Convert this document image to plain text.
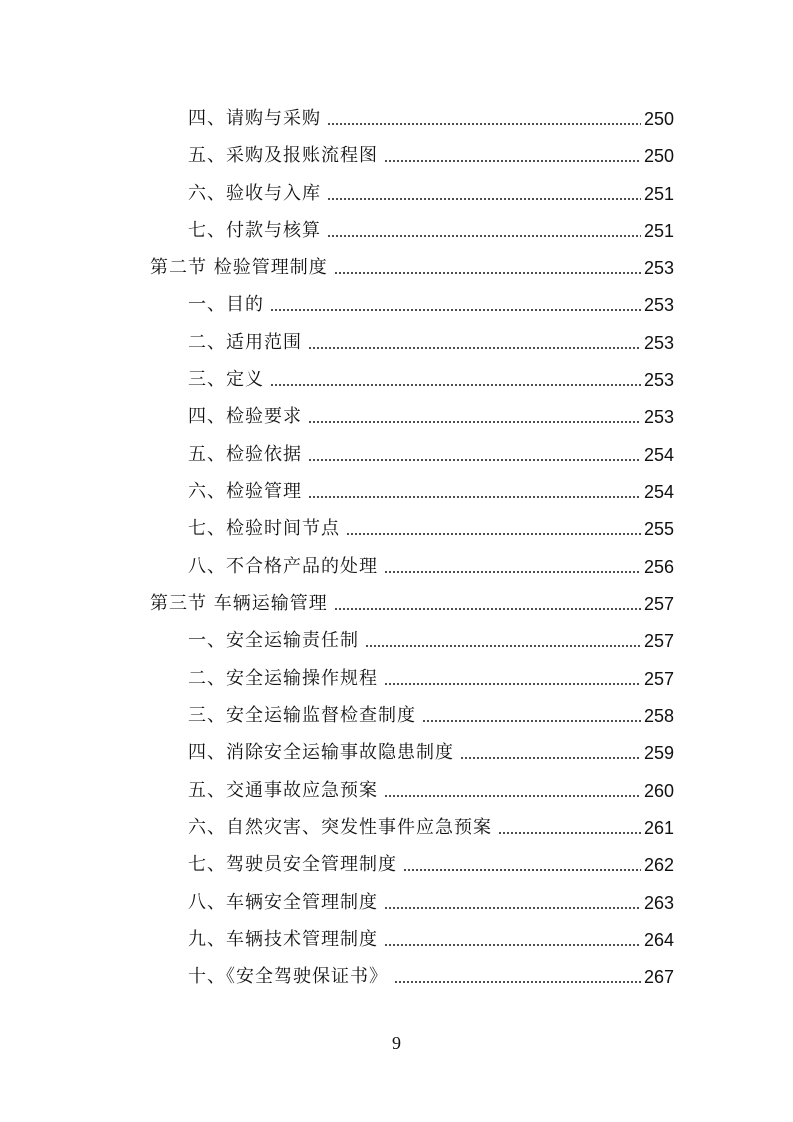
四、请购与采购	250
五、采购及报账流程图	250
六、验收与入库	251
七、付款与核算	251
第二节 检验管理制度	253
一、目的	253
二、适用范围	253
三、定义	253
四、检验要求	253
五、检验依据	254
六、检验管理	254
七、检验时间节点	255
八、不合格产品的处理	256
第三节 车辆运输管理	257
一、安全运输责任制	257
二、安全运输操作规程	257
三、安全运输监督检查制度	258
四、消除安全运输事故隐患制度	259
五、交通事故应急预案	260
六、自然灾害、突发性事件应急预案	261
七、驾驶员安全管理制度	262
八、车辆安全管理制度	263
九、车辆技术管理制度	264
十、《安全驾驶保证书》	267
9
